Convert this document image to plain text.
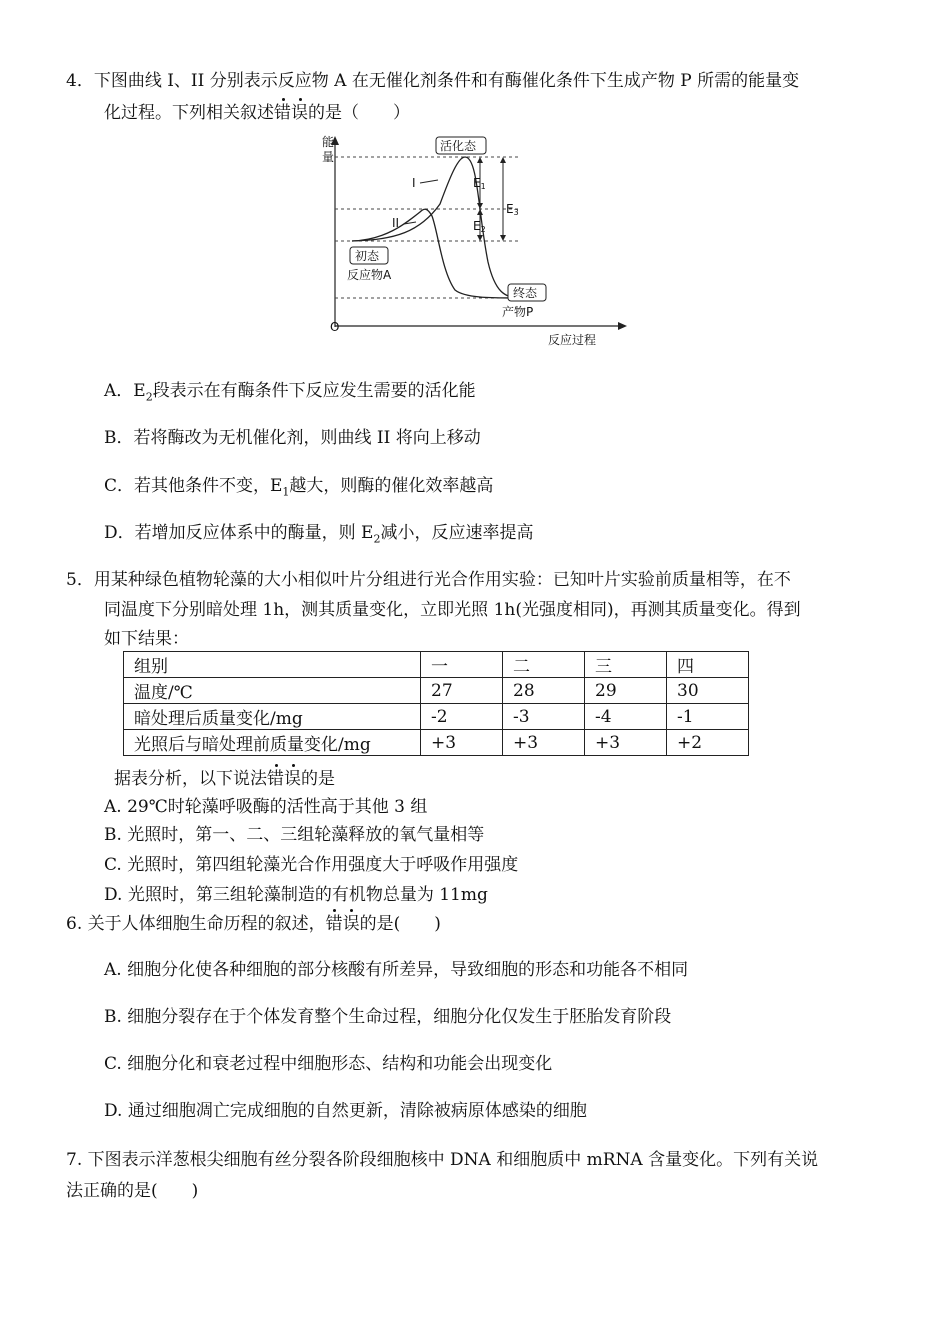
4．下图曲线 I、II 分别表示反应物 A 在无催化剂条件和有酶催化条件下生成产物 P 所需的能量变
化过程。下列相关叙述错误的是（　　）
能
量
O
反应过程
I
II
活化态
初态
反应物A
终态
产物P
E1
E2
E3
A．$E_2$段表示在有酶条件下反应发生需要的活化能
B．若将酶改为无机催化剂，则曲线 II 将向上移动
C．若其他条件不变，$E_1$越大，则酶的催化效率越高
D．若增加反应体系中的酶量，则 $E_2$减小，反应速率提高
5．用某种绿色植物轮藻的大小相似叶片分组进行光合作用实验：已知叶片实验前质量相等，在不
同温度下分别暗处理 1h，测其质量变化，立即光照 1h(光强度相同)，再测其质量变化。得到
如下结果：
组别	一	二	三	四
温度/℃	27	28	29	30
暗处理后质量变化/mg	-2	-3	-4	-1
光照后与暗处理前质量变化/mg	+3	+3	+3	+2
据表分析，以下说法错误的是
A. 29℃时轮藻呼吸酶的活性高于其他 3 组
B. 光照时，第一、二、三组轮藻释放的氧气量相等
C. 光照时，第四组轮藻光合作用强度大于呼吸作用强度
D. 光照时，第三组轮藻制造的有机物总量为 11mg
6. 关于人体细胞生命历程的叙述，错误的是(　　)
A. 细胞分化使各种细胞的部分核酸有所差异，导致细胞的形态和功能各不相同
B. 细胞分裂存在于个体发育整个生命过程，细胞分化仅发生于胚胎发育阶段
C. 细胞分化和衰老过程中细胞形态、结构和功能会出现变化
D. 通过细胞凋亡完成细胞的自然更新，清除被病原体感染的细胞
7. 下图表示洋葱根尖细胞有丝分裂各阶段细胞核中 DNA 和细胞质中 mRNA 含量变化。下列有关说
法正确的是(　　)
